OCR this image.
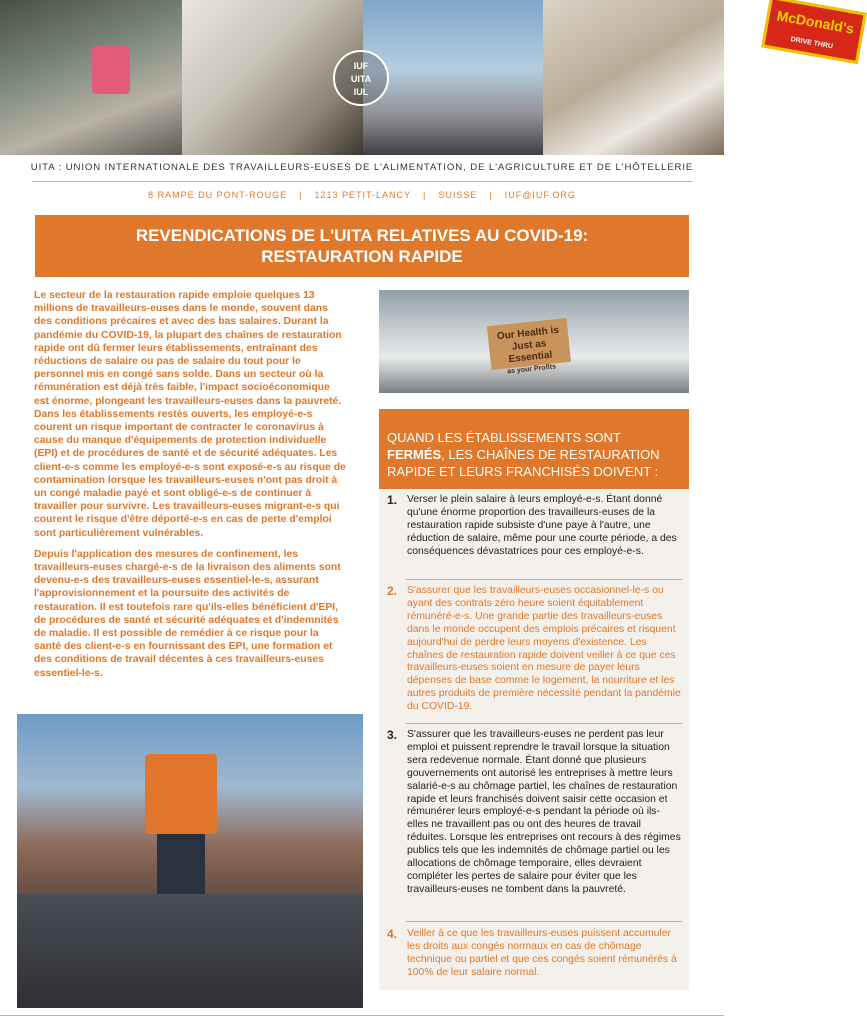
McDonald's
DRIVE THRU
IUF
UITA
IUL
UITA : UNION INTERNATIONALE DES TRAVAILLEURS-EUSES DE L'ALIMENTATION, DE L'AGRICULTURE ET DE L'HÔTELLERIE
8 RAMPE DU PONT-ROUGE | 1213 PETIT-LANCY | SUISSE | IUF@IUF.ORG
REVENDICATIONS DE L'UITA RELATIVES AU COVID-19:
RESTAURATION RAPIDE

Le secteur de la restauration rapide emploie quelques 13 millions de travailleurs-euses dans le monde, souvent dans des conditions précaires et avec des bas salaires. Durant la pandémie du COVID-19, la plupart des chaînes de restauration rapide ont dû fermer leurs établissements, entraînant des réductions de salaire ou pas de salaire du tout pour le personnel mis en congé sans solde. Dans un secteur où la rémunération est déjà très faible, l'impact socioéconomique est énorme, plongeant les travailleurs-euses dans la pauvreté. Dans les établissements restés ouverts, les employé-e-s courent un risque important de contracter le coronavirus à cause du manque d'équipements de protection individuelle (EPI) et de procédures de santé et de sécurité adéquates. Les client-e-s comme les employé-e-s sont exposé-e-s au risque de contamination lorsque les travailleurs-euses n'ont pas droit à un congé maladie payé et sont obligé-e-s de continuer à travailler pour survivre. Les travailleurs-euses migrant-e-s qui courent le risque d'être déporté-e-s en cas de perte d'emploi sont particulièrement vulnérables.

Depuis l'application des mesures de confinement, les travailleurs-euses chargé-e-s de la livraison des aliments sont devenu-e-s des travailleurs-euses essentiel-le-s, assurant l'approvisionnement et la poursuite des activités de restauration. Il est toutefois rare qu'ils-elles bénéficient d'EPI, de procédures de santé et sécurité adéquates et d'indemnités de maladie. Il est possible de remédier à ce risque pour la santé des client-e-s en fournissant des EPI, une formation et des conditions de travail décentes à ces travailleurs-euses essentiel-le-s.

Our Health is
Just as Essential
as your Profits
QUAND LES ÉTABLISSEMENTS SONT FERMÉS, LES CHAÎNES DE RESTAURATION RAPIDE ET LEURS FRANCHISÉS DOIVENT :
1. Verser le plein salaire à leurs employé-e-s. Étant donné qu'une énorme proportion des travailleurs-euses de la restauration rapide subsiste d'une paye à l'autre, une réduction de salaire, même pour une courte période, a des conséquences dévastatrices pour ces employé-e-s.
2. S'assurer que les travailleurs-euses occasionnel-le-s ou ayant des contrats zéro heure soient équitablement rémunéré-e-s. Une grande partie des travailleurs-euses dans le monde occupent des emplois précaires et risquent aujourd'hui de perdre leurs moyens d'existence. Les chaînes de restauration rapide doivent veiller à ce que ces travailleurs-euses soient en mesure de payer leurs dépenses de base comme le logement, la nourriture et les autres produits de première nécessité pendant la pandémie du COVID-19.
3. S'assurer que les travailleurs-euses ne perdent pas leur emploi et puissent reprendre le travail lorsque la situation sera redevenue normale. Étant donné que plusieurs gouvernements ont autorisé les entreprises à mettre leurs salarié-e-s au chômage partiel, les chaînes de restauration rapide et leurs franchisés doivent saisir cette occasion et rémunérer leurs employé-e-s pendant la période où ils-elles ne travaillent pas ou ont des heures de travail réduites. Lorsque les entreprises ont recours à des régimes publics tels que les indemnités de chômage partiel ou les allocations de chômage temporaire, elles devraient compléter les pertes de salaire pour éviter que les travailleurs-euses ne tombent dans la pauvreté.
4. Veiller à ce que les travailleurs-euses puissent accumuler les droits aux congés normaux en cas de chômage technique ou partiel et que ces congés soient rémunérés à 100% de leur salaire normal.
